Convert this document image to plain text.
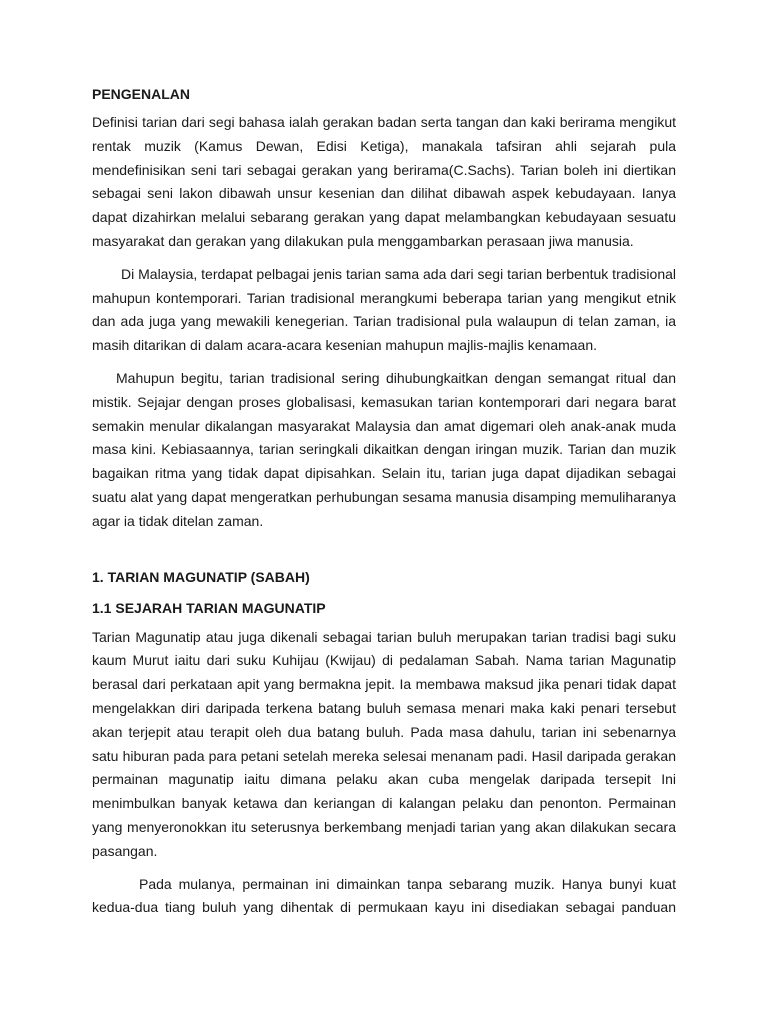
PENGENALAN

Definisi tarian dari segi bahasa ialah gerakan badan serta tangan dan kaki berirama mengikut
rentak muzik (Kamus Dewan, Edisi Ketiga), manakala tafsiran ahli sejarah pula
mendefinisikan seni tari sebagai gerakan yang berirama(C.Sachs). Tarian boleh ini diertikan
sebagai seni lakon dibawah unsur kesenian dan dilihat dibawah aspek kebudayaan. Ianya
dapat dizahirkan melalui sebarang gerakan yang dapat melambangkan kebudayaan sesuatu
masyarakat dan gerakan yang dilakukan pula menggambarkan perasaan jiwa manusia.

Di Malaysia, terdapat pelbagai jenis tarian sama ada dari segi tarian berbentuk tradisional
mahupun kontemporari. Tarian tradisional merangkumi beberapa tarian yang mengikut etnik
dan ada juga yang mewakili kenegerian. Tarian tradisional pula walaupun di telan zaman, ia
masih ditarikan di dalam acara-acara kesenian mahupun majlis-majlis kenamaan.

Mahupun begitu, tarian tradisional sering dihubungkaitkan dengan semangat ritual dan
mistik. Sejajar dengan proses globalisasi, kemasukan tarian kontemporari dari negara barat
semakin menular dikalangan masyarakat Malaysia dan amat digemari oleh anak-anak muda
masa kini. Kebiasaannya, tarian seringkali dikaitkan dengan iringan muzik. Tarian dan muzik
bagaikan ritma yang tidak dapat dipisahkan. Selain itu, tarian juga dapat dijadikan sebagai
suatu alat yang dapat mengeratkan perhubungan sesama manusia disamping memuliharanya
agar ia tidak ditelan zaman.

1. TARIAN MAGUNATIP (SABAH)
1.1 SEJARAH TARIAN MAGUNATIP

Tarian Magunatip atau juga dikenali sebagai tarian buluh merupakan tarian tradisi bagi suku
kaum Murut iaitu dari suku Kuhijau (Kwijau) di pedalaman Sabah. Nama tarian Magunatip
berasal dari perkataan apit yang bermakna jepit. Ia membawa maksud jika penari tidak dapat
mengelakkan diri daripada terkena batang buluh semasa menari maka kaki penari tersebut
akan terjepit atau terapit oleh dua batang buluh. Pada masa dahulu, tarian ini sebenarnya
satu hiburan pada para petani setelah mereka selesai menanam padi. Hasil daripada gerakan
permainan magunatip iaitu dimana pelaku akan cuba mengelak daripada tersepit Ini
menimbulkan banyak ketawa dan keriangan di kalangan pelaku dan penonton. Permainan
yang menyeronokkan itu seterusnya berkembang menjadi tarian yang akan dilakukan secara
pasangan.

Pada mulanya, permainan ini dimainkan tanpa sebarang muzik. Hanya bunyi kuat
kedua-dua tiang buluh yang dihentak di permukaan kayu ini disediakan sebagai panduan
